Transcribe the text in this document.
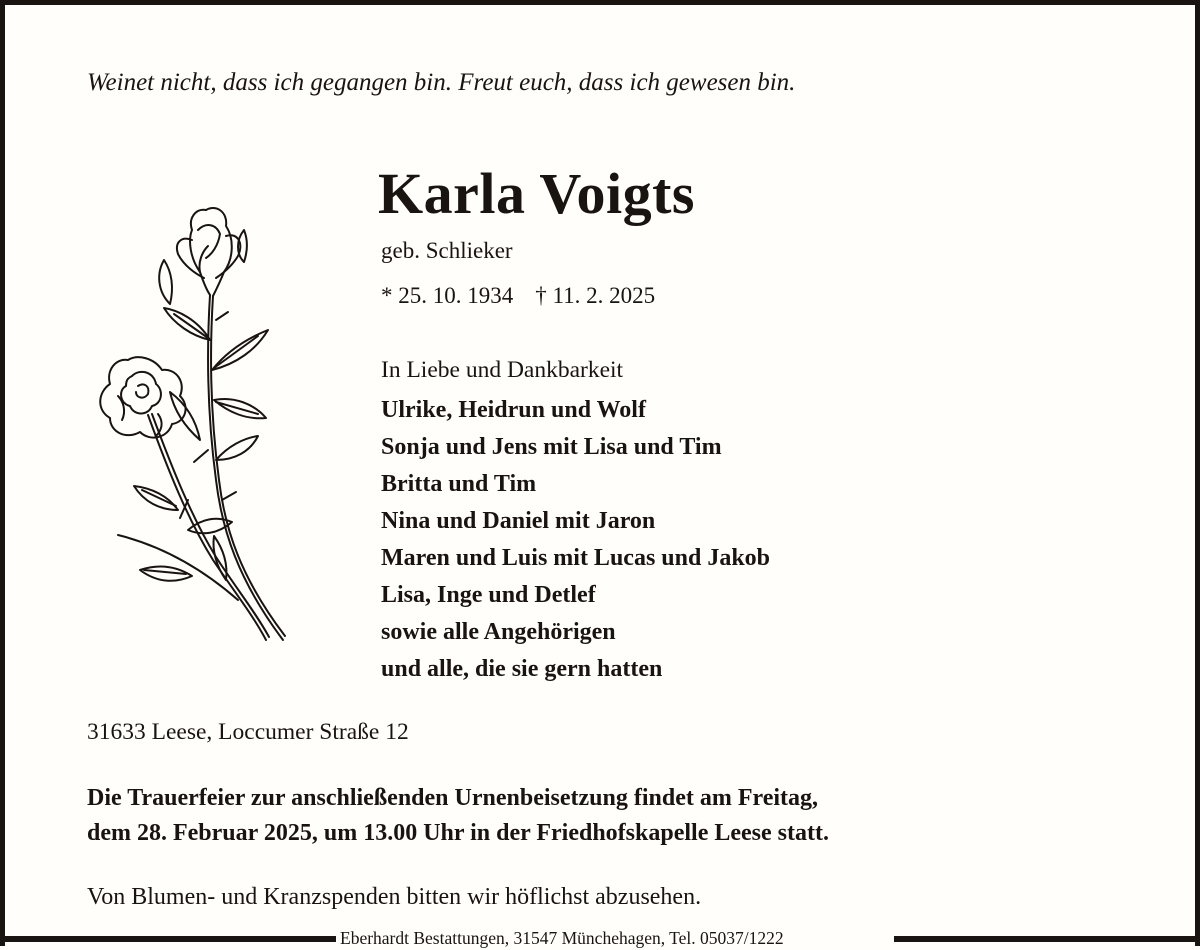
Weinet nicht, dass ich gegangen bin. Freut euch, dass ich gewesen bin.
Karla Voigts
geb. Schlieker
* 25. 10. 1934 † 11. 2. 2025
In Liebe und Dankbarkeit
Ulrike, Heidrun und Wolf
Sonja und Jens mit Lisa und Tim
Britta und Tim
Nina und Daniel mit Jaron
Maren und Luis mit Lucas und Jakob
Lisa, Inge und Detlef
sowie alle Angehörigen
und alle, die sie gern hatten
31633 Leese, Loccumer Straße 12
Die Trauerfeier zur anschließenden Urnenbeisetzung findet am Freitag,
dem 28. Februar 2025, um 13.00 Uhr in der Friedhofskapelle Leese statt.
Von Blumen- und Kranzspenden bitten wir höflichst abzusehen.
Eberhardt Bestattungen, 31547 Münchehagen, Tel. 05037/1222
